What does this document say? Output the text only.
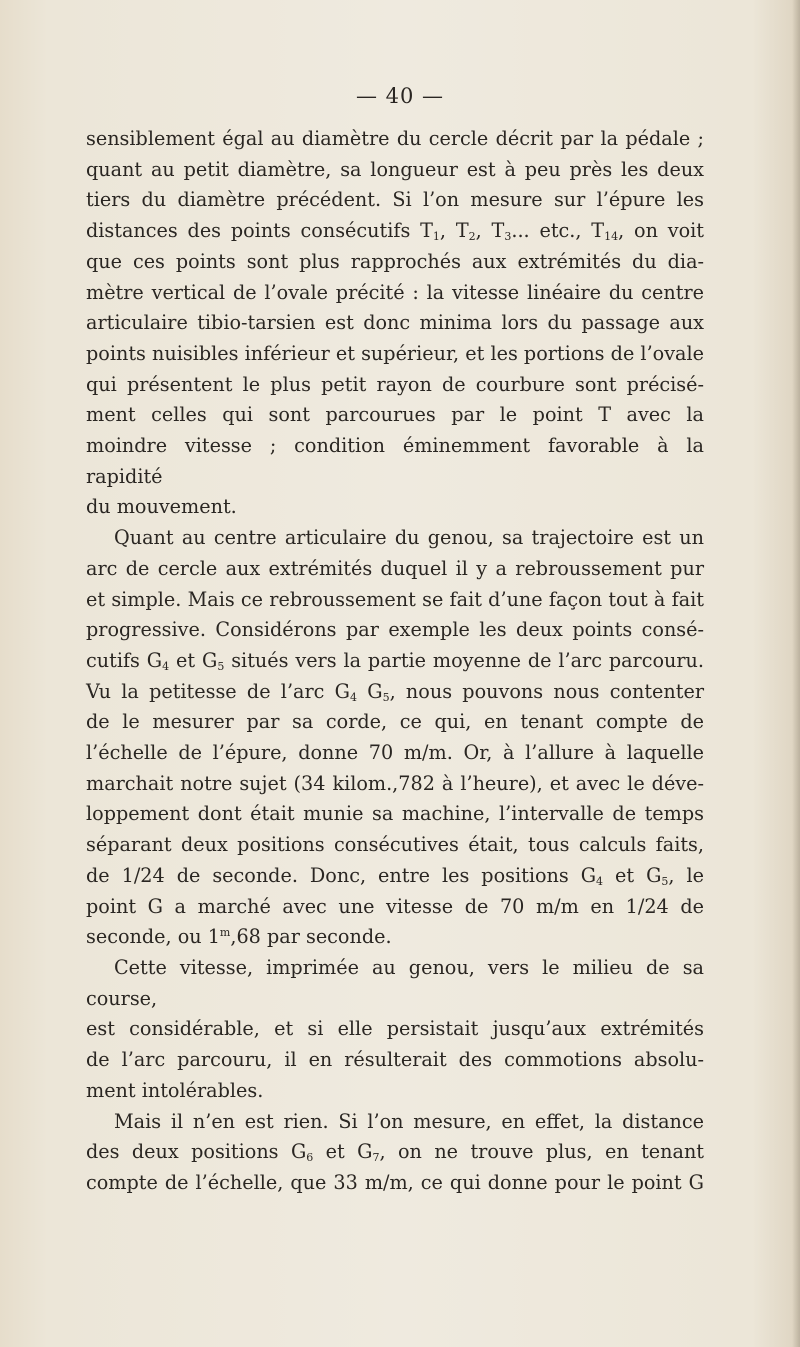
— 40 —

sensiblement égal au diamètre du cercle décrit par la pédale ;

quant au petit diamètre, sa longueur est à peu près les deux

tiers du diamètre précédent. Si l’on mesure sur l’épure les

distances des points consécutifs $T_1$, $T_2$, $T_3$... etc., $T_{14}$, on voit

que ces points sont plus rapprochés aux extrémités du dia-

mètre vertical de l’ovale précité : la vitesse linéaire du centre

articulaire tibio-tarsien est donc minima lors du passage aux

points nuisibles inférieur et supérieur, et les portions de l’ovale

qui présentent le plus petit rayon de courbure sont précisé-

ment celles qui sont parcourues par le point T avec la

moindre vitesse ; condition éminemment favorable à la rapidité

du mouvement.

Quant au centre articulaire du genou, sa trajectoire est un

arc de cercle aux extrémités duquel il y a rebroussement pur

et simple. Mais ce rebroussement se fait d’une façon tout à fait

progressive. Considérons par exemple les deux points consé-

cutifs $G_4$ et $G_5$ situés vers la partie moyenne de l’arc parcouru.

Vu la petitesse de l’arc $G_4$ $G_5$, nous pouvons nous contenter

de le mesurer par sa corde, ce qui, en tenant compte de

l’échelle de l’épure, donne 70 m/m. Or, à l’allure à laquelle

marchait notre sujet (34 kilom.,782 à l’heure), et avec le déve-

loppement dont était munie sa machine, l’intervalle de temps

séparant deux positions consécutives était, tous calculs faits,

de 1/24 de seconde. Donc, entre les positions $G_4$ et $G_5$, le

point G a marché avec une vitesse de 70 m/m en 1/24 de

seconde, ou 1$^m$,68 par seconde.

Cette vitesse, imprimée au genou, vers le milieu de sa course,

est considérable, et si elle persistait jusqu’aux extrémités

de l’arc parcouru, il en résulterait des commotions absolu-

ment intolérables.

Mais il n’en est rien. Si l’on mesure, en effet, la distance

des deux positions $G_6$ et $G_7$, on ne trouve plus, en tenant

compte de l’échelle, que 33 m/m, ce qui donne pour le point G
